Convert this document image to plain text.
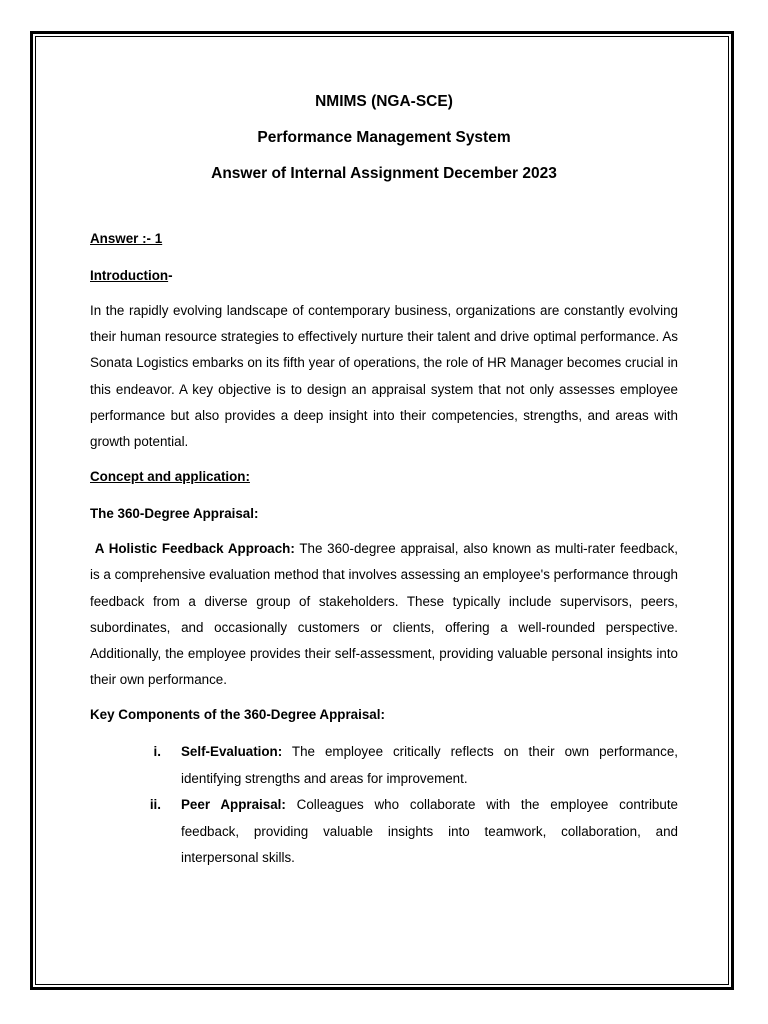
NMIMS (NGA-SCE)
Performance Management System
Answer of Internal Assignment December 2023
Answer :- 1
Introduction-

In the rapidly evolving landscape of contemporary business, organizations are constantly evolving their human resource strategies to effectively nurture their talent and drive optimal performance. As Sonata Logistics embarks on its fifth year of operations, the role of HR Manager becomes crucial in this endeavor. A key objective is to design an appraisal system that not only assesses employee performance but also provides a deep insight into their competencies, strengths, and areas with growth potential.

Concept and application:
The 360-Degree Appraisal:

A Holistic Feedback Approach: The 360-degree appraisal, also known as multi-rater feedback, is a comprehensive evaluation method that involves assessing an employee's performance through feedback from a diverse group of stakeholders. These typically include supervisors, peers, subordinates, and occasionally customers or clients, offering a well-rounded perspective. Additionally, the employee provides their self-assessment, providing valuable personal insights into their own performance.

Key Components of the 360-Degree Appraisal:
i. Self-Evaluation: The employee critically reflects on their own performance, identifying strengths and areas for improvement.
ii. Peer Appraisal: Colleagues who collaborate with the employee contribute feedback, providing valuable insights into teamwork, collaboration, and interpersonal skills.
